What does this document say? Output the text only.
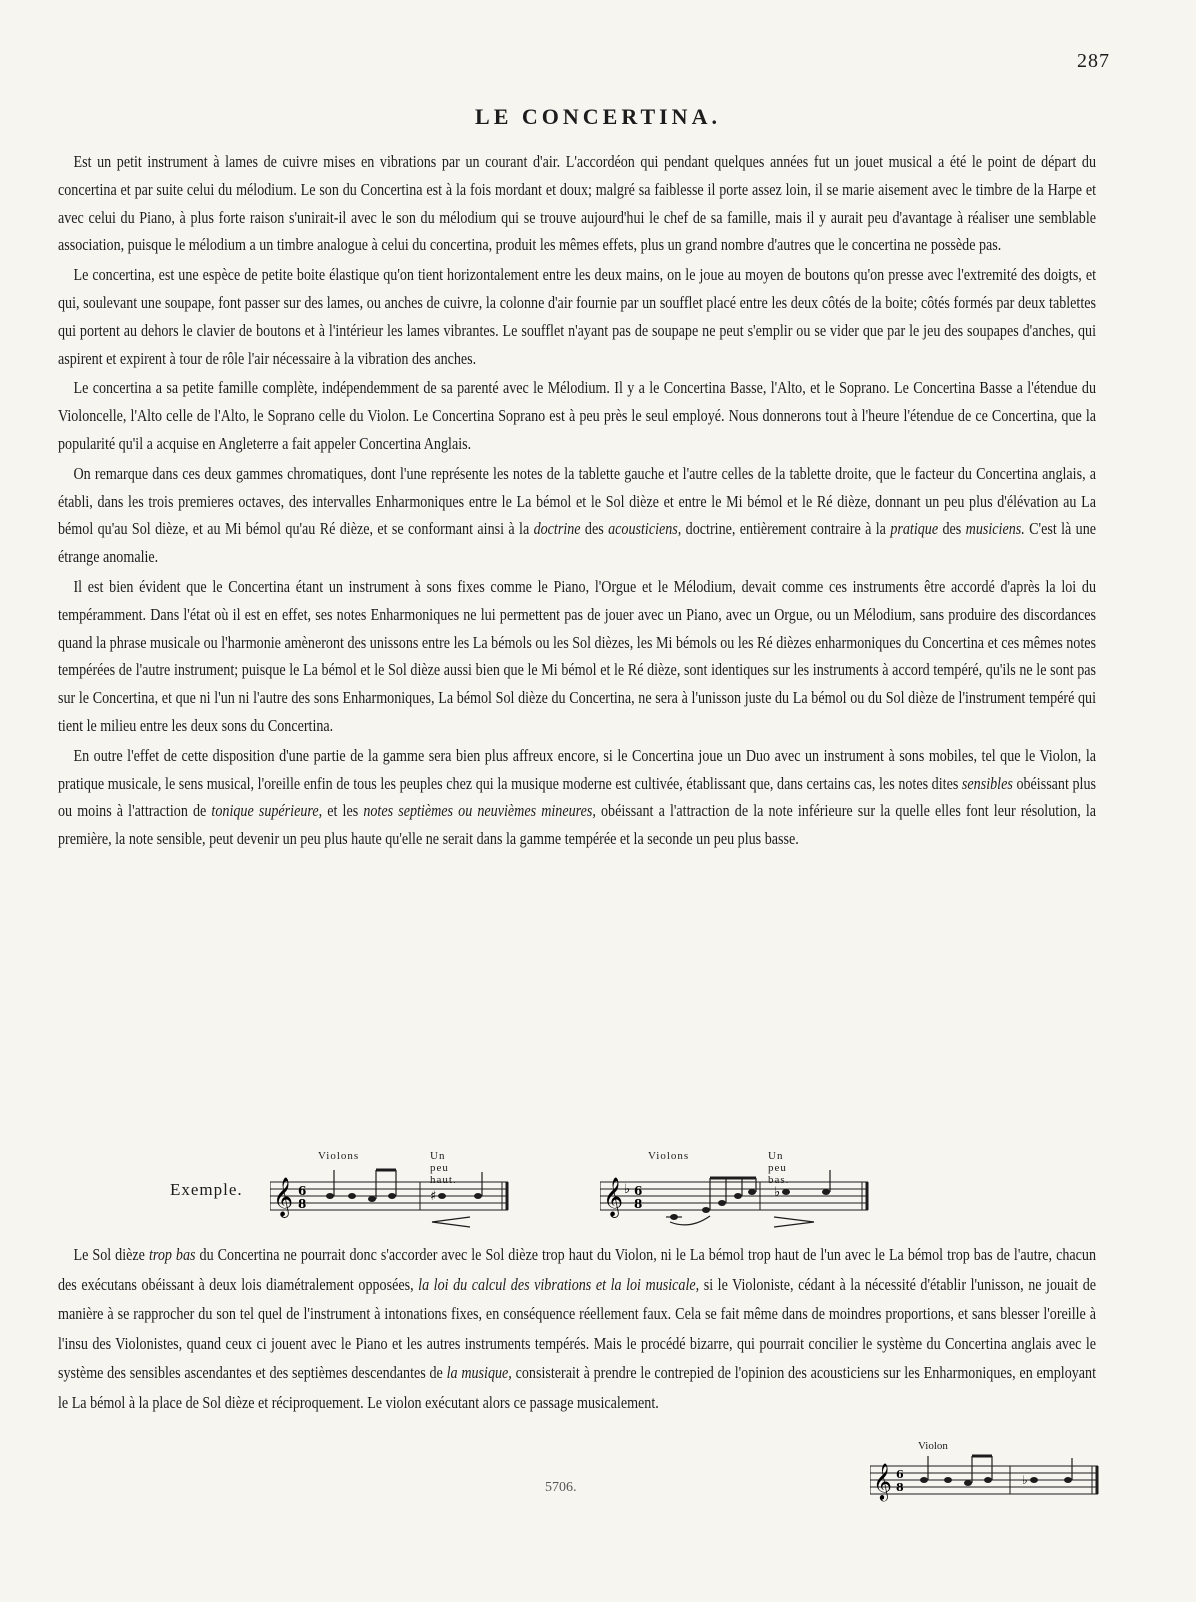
287
LE CONCERTINA.

Est un petit instrument à lames de cuivre mises en vibrations par un courant d'air. L'accordéon qui pendant quelques années fut un jouet musical a été le point de départ du concertina et par suite celui du mélodium. Le son du Concertina est à la fois mordant et doux; malgré sa faiblesse il porte assez loin, il se marie aisement avec le timbre de la Harpe et avec celui du Piano, à plus forte raison s'unirait-il avec le son du mélodium qui se trouve aujourd'hui le chef de sa famille, mais il y aurait peu d'avantage à réaliser une semblable association, puisque le mélodium a un timbre analogue à celui du concertina, produit les mêmes effets, plus un grand nombre d'autres que le concertina ne possède pas.

Le concertina, est une espèce de petite boite élastique qu'on tient horizontalement entre les deux mains, on le joue au moyen de boutons qu'on presse avec l'extremité des doigts, et qui, soulevant une soupape, font passer sur des lames, ou anches de cuivre, la colonne d'air fournie par un soufflet placé entre les deux côtés de la boite; côtés formés par deux tablettes qui portent au dehors le clavier de boutons et à l'intérieur les lames vibrantes. Le soufflet n'ayant pas de soupape ne peut s'emplir ou se vider que par le jeu des soupapes d'anches, qui aspirent et expirent à tour de rôle l'air nécessaire à la vibration des anches.

Le concertina a sa petite famille complète, indépendemment de sa parenté avec le Mélodium. Il y a le Concertina Basse, l'Alto, et le Soprano. Le Concertina Basse a l'étendue du Violoncelle, l'Alto celle de l'Alto, le Soprano celle du Violon. Le Concertina Soprano est à peu près le seul employé. Nous donnerons tout à l'heure l'étendue de ce Concertina, que la popularité qu'il a acquise en Angleterre a fait appeler Concertina Anglais.

On remarque dans ces deux gammes chromatiques, dont l'une représente les notes de la tablette gauche et l'autre celles de la tablette droite, que le facteur du Concertina anglais, a établi, dans les trois premieres octaves, des intervalles Enharmoniques entre le La bémol et le Sol dièze et entre le Mi bémol et le Ré dièze, donnant un peu plus d'élévation au La bémol qu'au Sol dièze, et au Mi bémol qu'au Ré dièze, et se conformant ainsi à la doctrine des acousticiens, doctrine, entièrement contraire à la pratique des musiciens. C'est là une étrange anomalie.

Il est bien évident que le Concertina étant un instrument à sons fixes comme le Piano, l'Orgue et le Mélodium, devait comme ces instruments être accordé d'après la loi du tempéramment. Dans l'état où il est en effet, ses notes Enharmoniques ne lui permettent pas de jouer avec un Piano, avec un Orgue, ou un Mélodium, sans produire des discordances quand la phrase musicale ou l'harmonie amèneront des unissons entre les La bémols ou les Sol dièzes, les Mi bémols ou les Ré dièzes enharmoniques du Concertina et ces mêmes notes tempérées de l'autre instrument; puisque le La bémol et le Sol dièze aussi bien que le Mi bémol et le Ré dièze, sont identiques sur les instruments à accord tempéré, qu'ils ne le sont pas sur le Concertina, et que ni l'un ni l'autre des sons Enharmoniques, La bémol Sol dièze du Concertina, ne sera à l'unisson juste du La bémol ou du Sol dièze de l'instrument tempéré qui tient le milieu entre les deux sons du Concertina.

En outre l'effet de cette disposition d'une partie de la gamme sera bien plus affreux encore, si le Concertina joue un Duo avec un instrument à sons mobiles, tel que le Violon, la pratique musicale, le sens musical, l'oreille enfin de tous les peuples chez qui la musique moderne est cultivée, établissant que, dans certains cas, les notes dites sensibles obéissant plus ou moins à l'attraction de tonique supérieure, et les notes septièmes ou neuvièmes mineures, obéissant a l'attraction de la note inférieure sur la quelle elles font leur résolution, la première, la note sensible, peut devenir un peu plus haute qu'elle ne serait dans la gamme tempérée et la seconde un peu plus basse.

Exemple.
Violons	Un peu haut.
𝄞 6
8	♯
Violons	Un peu bas.
𝄞 ♭ 6
8
♭

Le Sol dièze trop bas du Concertina ne pourrait donc s'accorder avec le Sol dièze trop haut du Violon, ni le La bémol trop haut de l'un avec le La bémol trop bas de l'autre, chacun des exécutans obéissant à deux lois diamétralement opposées, la loi du calcul des vibrations et la loi musicale, si le Violoniste, cédant à la nécessité d'établir l'unisson, ne jouait de manière à se rapprocher du son tel quel de l'instrument à intonations fixes, en conséquence réellement faux. Cela se fait même dans de moindres proportions, et sans blesser l'oreille à l'insu des Violonistes, quand ceux ci jouent avec le Piano et les autres instruments tempérés. Mais le procédé bizarre, qui pourrait concilier le système du Concertina anglais avec le système des sensibles ascendantes et des septièmes descendantes de la musique, consisterait à prendre le contrepied de l'opinion des acousticiens sur les Enharmoniques, en employant le La bémol à la place de Sol dièze et réciproquement. Le violon exécutant alors ce passage musicalement.

Violon
𝄞 6
8
♭
5706.
